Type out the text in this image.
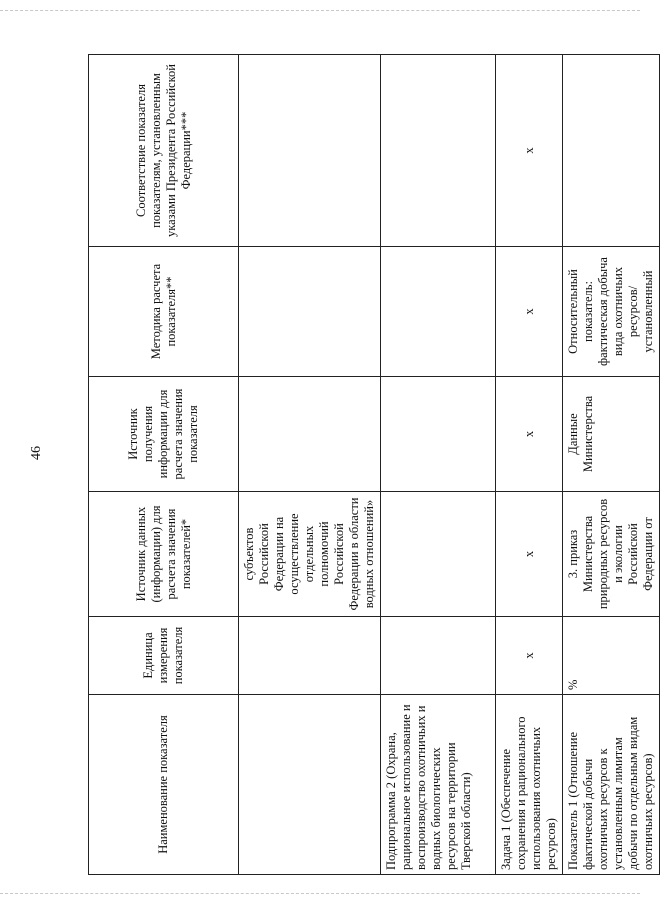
46
Наименование показателя	Единица измерения показателя	Источник данных (информации) для расчета значения показателей*	Источник получения информации для расчета значения показателя	Методика расчета показателя**	Соответствие показателя показателям, установленным указами Президента Российской Федерации***
		субъектов Российской Федерации на осуществление отдельных полномочий Российской Федерации в области водных отношений»			
Подпрограмма 2 (Охрана, рациональное использование и воспроизводство охотничьих и водных биологических ресурсов на территории Тверской области)					
Задача 1 (Обеспечение сохранения и рационального использования охотничьих ресурсов)	х	х	х	х	х
Показатель 1 (Отношение фактической добычи охотничьих ресурсов к установленным лимитам добычи по отдельным видам охотничьих ресурсов)	%	3. приказ Министерства природных ресурсов и экологии Российской Федерации от	Данные Министерства	Относительный показатель: фактическая добыча вида охотничьих ресурсов/ установленный	
